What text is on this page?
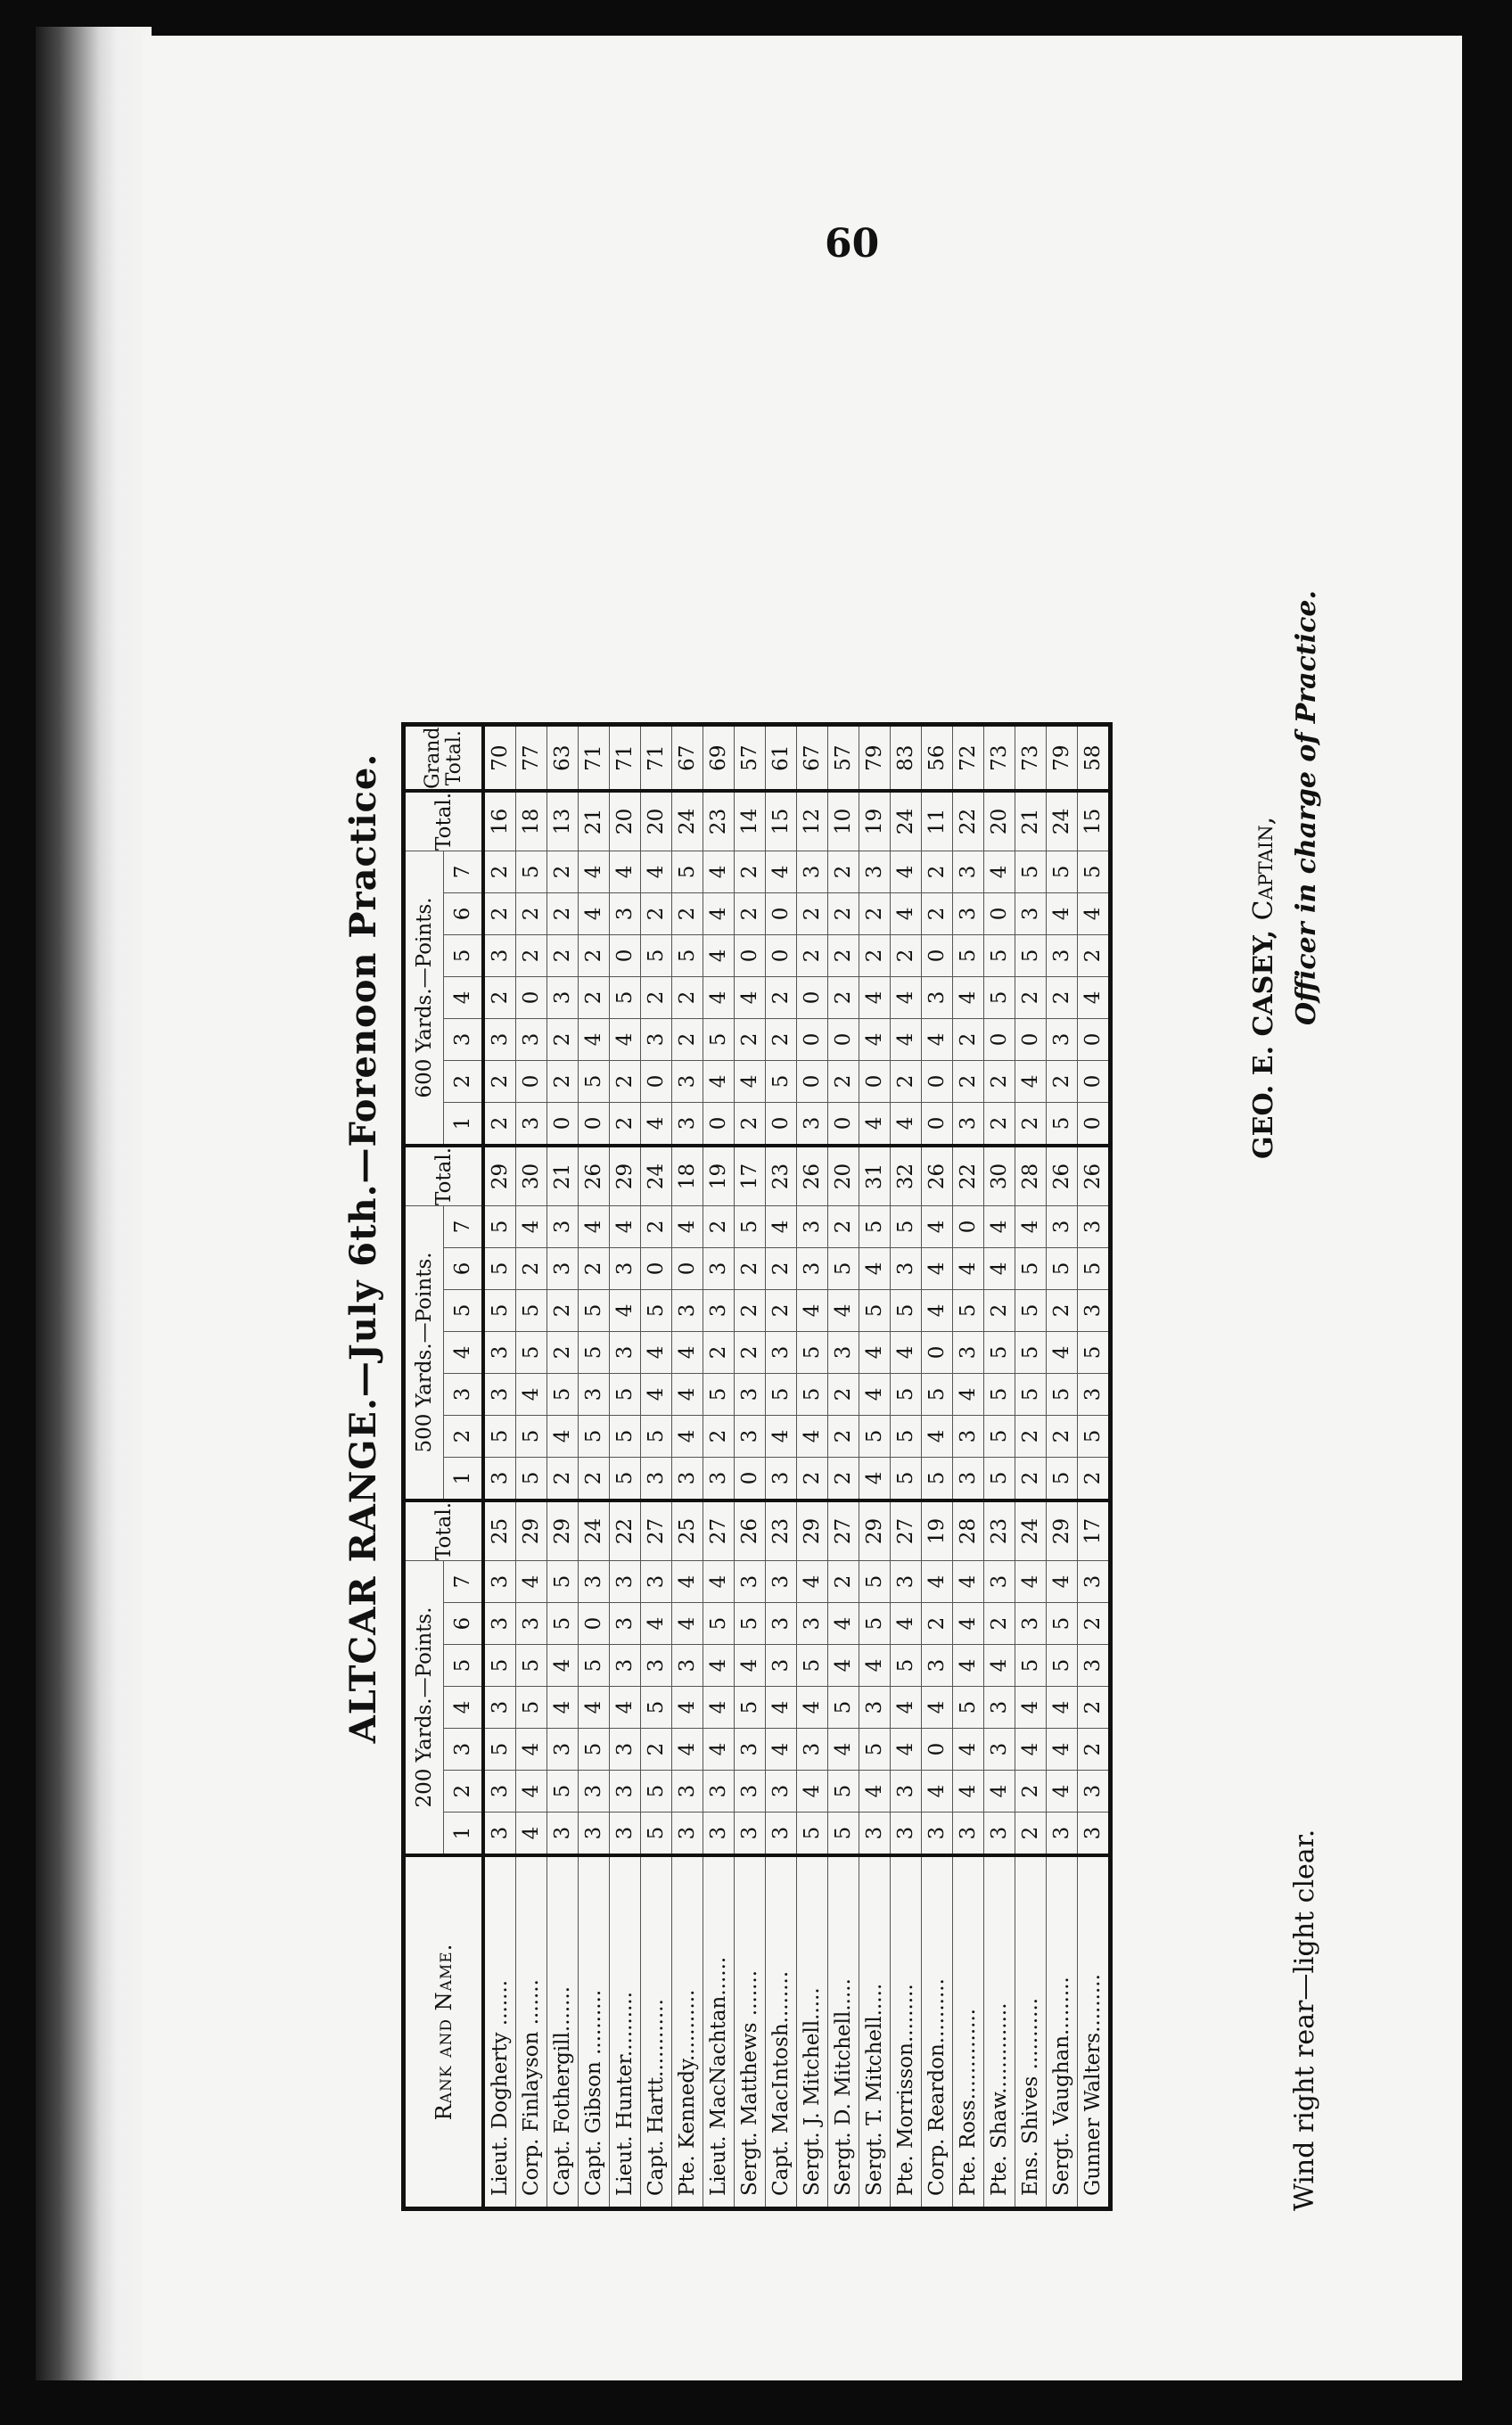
60
ALTCAR RANGE.—July 6th.—Forenoon Practice.
Rank and Name.	200 Yards.—Points.							Total.	500 Yards.—Points.							Total.	600 Yards.—Points.							Total.	Grand Total.
	1	2	3	4	5	6	7		1	2	3	4	5	6	7		1	2	3	4	5	6	7		
Lieut. Dogherty .......	3	3	5	3	5	3	3	25	3	5	3	3	5	5	5	29	2	2	3	2	3	2	2	16	70
Corp. Finlayson .......	4	4	4	5	5	3	4	29	5	5	4	5	5	2	4	30	3	0	3	0	2	2	5	18	77
Capt. Fothergill.......	3	5	3	4	4	5	5	29	2	4	5	2	2	3	3	21	0	2	2	3	2	2	2	13	63
Capt. Gibson ..........	3	3	5	4	5	0	3	24	2	5	3	5	5	2	4	26	0	5	4	2	2	4	4	21	71
Lieut. Hunter..........	3	3	3	4	3	3	3	22	5	5	5	3	4	3	4	29	2	2	4	5	0	3	4	20	71
Capt. Hartt............	5	5	2	5	3	4	3	27	3	5	4	4	5	0	2	24	4	0	3	2	5	2	4	20	71
Pte. Kennedy...........	3	3	4	4	3	4	4	25	3	4	4	4	3	0	4	18	3	3	2	2	5	2	5	24	67
Lieut. MacNachtan......	3	3	4	4	4	5	4	27	3	2	5	2	3	3	2	19	0	4	5	4	4	4	4	23	69
Sergt. Matthews .......	3	3	3	5	4	5	3	26	0	3	3	2	2	2	5	17	2	4	2	4	0	2	2	14	57
Capt. MacIntosh........	3	3	4	4	3	3	3	23	3	4	5	3	2	2	4	23	0	5	2	2	0	0	4	15	61
Sergt. J. Mitchell.....	5	4	3	4	5	3	4	29	2	4	5	5	4	3	3	26	3	0	0	0	2	2	3	12	67
Sergt. D. Mitchell.....	5	5	4	5	4	4	2	27	2	2	2	3	4	5	2	20	0	2	0	2	2	2	2	10	57
Sergt. T. Mitchell.....	3	4	5	3	4	5	5	29	4	5	4	4	5	4	5	31	4	0	4	4	2	2	3	19	79
Pte. Morrisson.........	3	3	4	4	5	4	3	27	5	5	5	4	5	3	5	32	4	2	4	4	2	4	4	24	83
Corp. Reardon..........	3	4	0	4	3	2	4	19	5	4	5	0	4	4	4	26	0	0	4	3	0	2	2	11	56
Pte. Ross..............	3	4	4	5	4	4	4	28	3	3	4	3	5	4	0	22	3	2	2	4	5	3	3	22	72
Pte. Shaw..............	3	4	3	3	4	2	3	23	5	5	5	5	2	4	4	30	2	2	0	5	5	0	4	20	73
Ens. Shives ...........	2	2	4	4	5	3	4	24	2	2	5	5	5	5	4	28	2	4	0	2	5	3	5	21	73
Sergt. Vaughan.........	3	4	4	4	5	5	4	29	5	2	5	4	2	5	3	26	5	2	3	2	3	4	5	24	79
Gunner Walters.........	3	3	2	2	3	2	3	17	2	5	3	5	3	5	3	26	0	0	0	4	2	4	5	15	58
Wind right rear—light clear.
GEO. E. CASEY, Captain, Officer in charge of Practice.
